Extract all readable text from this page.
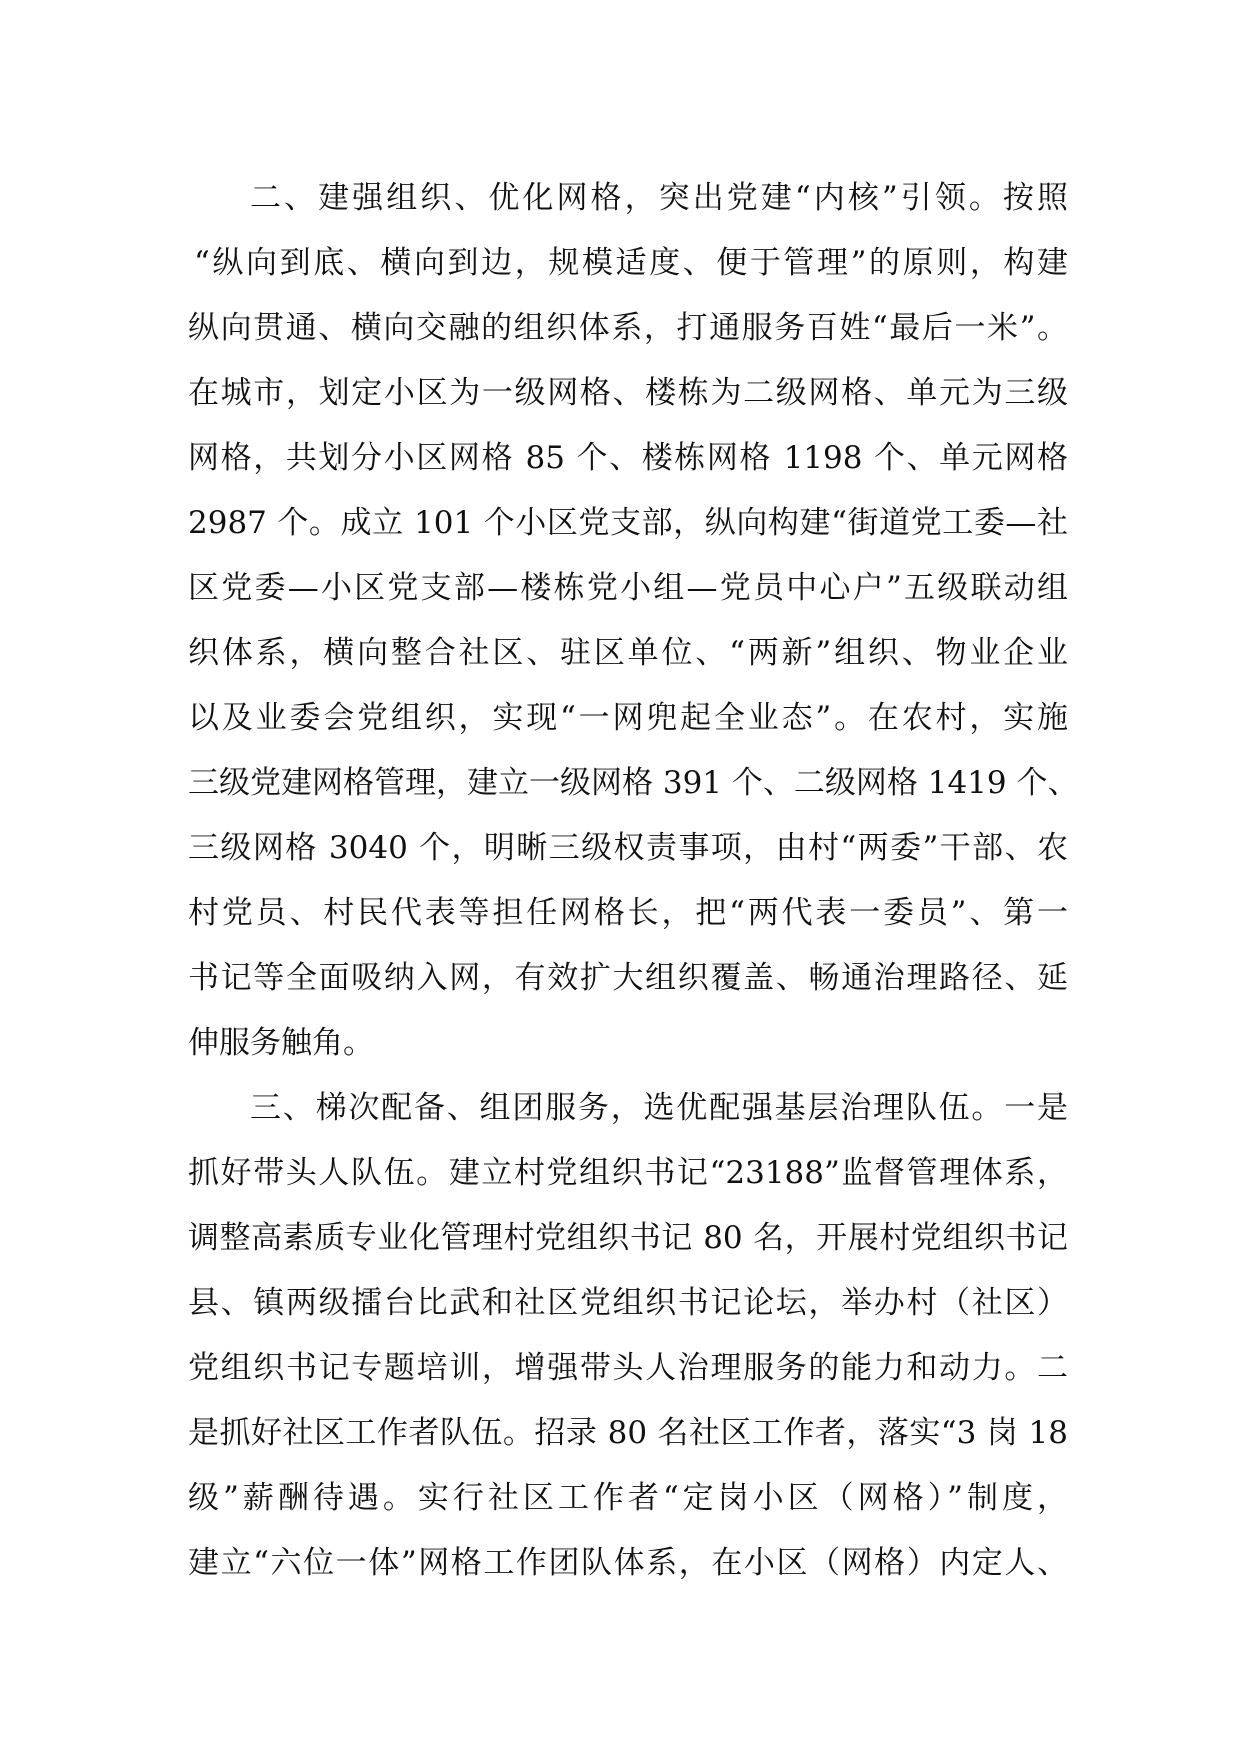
二、建强组织、优化网格，突出党建“内核”引领。按照

“纵向到底、横向到边，规模适度、便于管理”的原则，构建

纵向贯通、横向交融的组织体系，打通服务百姓“最后一米”。

在城市，划定小区为一级网格、楼栋为二级网格、单元为三级

网格，共划分小区网格 85 个、楼栋网格 1198 个、单元网格

2987 个。成立 101 个小区党支部，纵向构建“街道党工委—社

区党委—小区党支部—楼栋党小组—党员中心户”五级联动组

织体系，横向整合社区、驻区单位、“两新”组织、物业企业

以及业委会党组织，实现“一网兜起全业态”。在农村，实施

三级党建网格管理，建立一级网格 391 个、二级网格 1419 个、

三级网格 3040 个，明晰三级权责事项，由村“两委”干部、农

村党员、村民代表等担任网格长，把“两代表一委员”、第一

书记等全面吸纳入网，有效扩大组织覆盖、畅通治理路径、延

伸服务触角。

三、梯次配备、组团服务，选优配强基层治理队伍。一是

抓好带头人队伍。建立村党组织书记“23188”监督管理体系，

调整高素质专业化管理村党组织书记 80 名，开展村党组织书记

县、镇两级擂台比武和社区党组织书记论坛，举办村（社区）

党组织书记专题培训，增强带头人治理服务的能力和动力。二

是抓好社区工作者队伍。招录 80 名社区工作者，落实“3 岗 18

级”薪酬待遇。实行社区工作者“定岗小区（网格）”制度，

建立“六位一体”网格工作团队体系，在小区（网格）内定人、
